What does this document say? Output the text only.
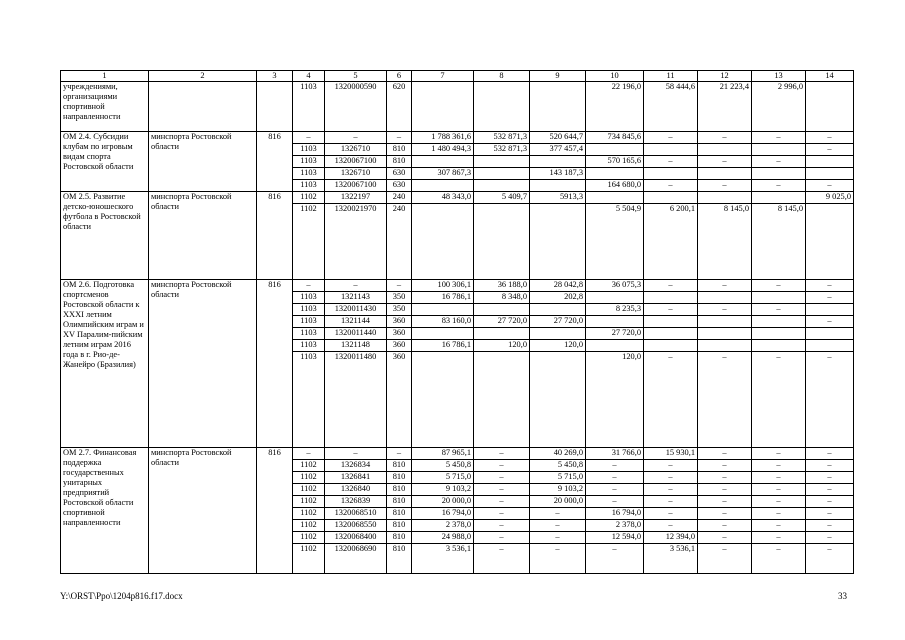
1	2	3	4	5	6	7	8	9	10	11	12	13	14
учреждениями, организациями спортивной направленности			1103	1320000590	620				22 196,0	58 444,6	21 223,4	2 996,0	
ОМ 2.4. Субсидии клубам по игровым видам спорта Ростовской области	минспорта Ростовской области	816	–	–	–	1 788 361,6	532 871,3	520 644,7	734 845,6	–	–	–	–
			1103	1326710	810	1 480 494,3	532 871,3	377 457,4					–
			1103	1320067100	810				570 165,6	–	–	–	
			1103	1326710	630	307 867,3		143 187,3					
			1103	1320067100	630				164 680,0	–	–	–	–
ОМ 2.5. Развитие детско-юношеского футбола в Ростовской области	минспорта Ростовской области	816	1102	1322197	240	48 343,0	5 409,7	5913,3					9 025,0
			1102	1320021970	240				5 504,9	6 200,1	8 145,0	8 145,0	
ОМ 2.6. Подготовка спортсменов Ростовской области к XXXI летним Олимпийским играм и XV Паралим-пийским летним играм 2016 года в г. Рио-де-Жанейро (Бразилия)	минспорта Ростовской области	816	–	–	–	100 306,1	36 188,0	28 042,8	36 075,3	–	–	–	–
			1103	1321143	350	16 786,1	8 348,0	202,8					–
			1103	1320011430	350				8 235,3	–	–	–	
			1103	1321144	360	83 160,0	27 720,0	27 720,0					–
			1103	1320011440	360				27 720,0				
			1103	1321148	360	16 786,1	120,0	120,0					
			1103	1320011480	360				120,0	–	–	–	–
ОМ 2.7. Финансовая поддержка государственных унитарных предприятий Ростовской области спортивной направленности	минспорта Ростовской области	816	–	–	–	87 965,1	–	40 269,0	31 766,0	15 930,1	–	–	–
			1102	1326834	810	5 450,8	–	5 450,8	–	–	–	–	–
			1102	1326841	810	5 715,0	–	5 715,0	–	–	–	–	–
			1102	1326840	810	9 103,2	–	9 103,2	–	–	–	–	–
			1102	1326839	810	20 000,0	–	20 000,0	–	–	–	–	–
			1102	1320068510	810	16 794,0	–	–	16 794,0	–	–	–	–
			1102	1320068550	810	2 378,0	–	–	2 378,0	–	–	–	–
			1102	1320068400	810	24 988,0	–	–	12 594,0	12 394,0	–	–	–
			1102	1320068690	810	3 536,1	–	–	–	3 536,1	–	–	–
Y:\ORST\Ppo\1204p816.f17.docx	33
